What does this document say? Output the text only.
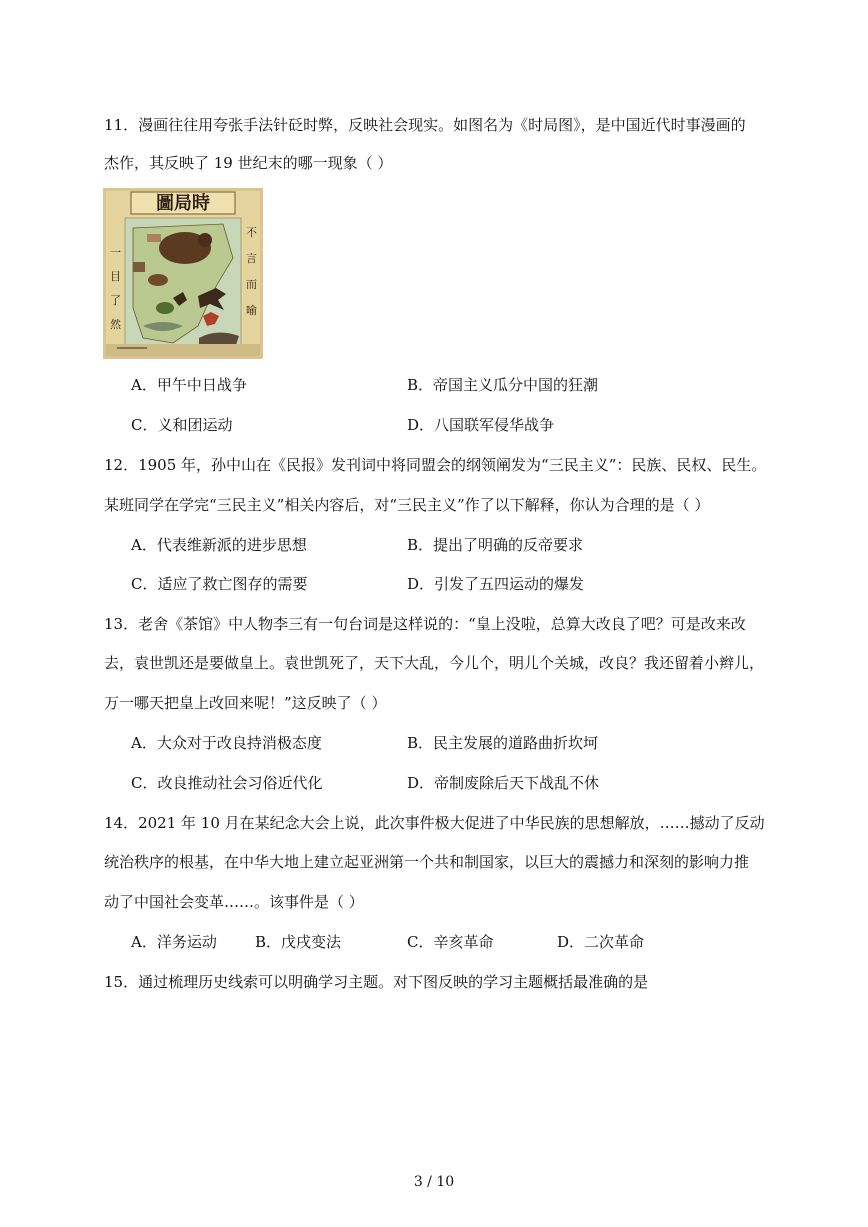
11．漫画往往用夸张手法针砭时弊，反映社会现实。如图名为《时局图》，是中国近代时事漫画的
杰作，其反映了 19 世纪末的哪一现象（ ）
圖局時
一
目
了
然
不
言
而
喻
A．甲午中日战争	B．帝国主义瓜分中国的狂潮
C．义和团运动	D．八国联军侵华战争
12．1905 年，孙中山在《民报》发刊词中将同盟会的纲领阐发为“三民主义”：民族、民权、民生。
某班同学在学完“三民主义”相关内容后，对“三民主义”作了以下解释，你认为合理的是（ ）
A．代表维新派的进步思想	B．提出了明确的反帝要求
C．适应了救亡图存的需要	D．引发了五四运动的爆发
13．老舍《茶馆》中人物李三有一句台词是这样说的：“皇上没啦，总算大改良了吧？可是改来改
去，袁世凯还是要做皇上。袁世凯死了，天下大乱，今儿个，明儿个关城，改良？我还留着小辫儿，
万一哪天把皇上改回来呢！”这反映了（ ）
A．大众对于改良持消极态度	B．民主发展的道路曲折坎坷
C．改良推动社会习俗近代化	D．帝制废除后天下战乱不休
14．2021 年 10 月在某纪念大会上说，此次事件极大促进了中华民族的思想解放，……撼动了反动
统治秩序的根基，在中华大地上建立起亚洲第一个共和制国家，以巨大的震撼力和深刻的影响力推
动了中国社会变革……。该事件是（ ）
A．洋务运动	B．戊戌变法	C．辛亥革命	D．二次革命
15．通过梳理历史线索可以明确学习主题。对下图反映的学习主题概括最准确的是
3 / 10
